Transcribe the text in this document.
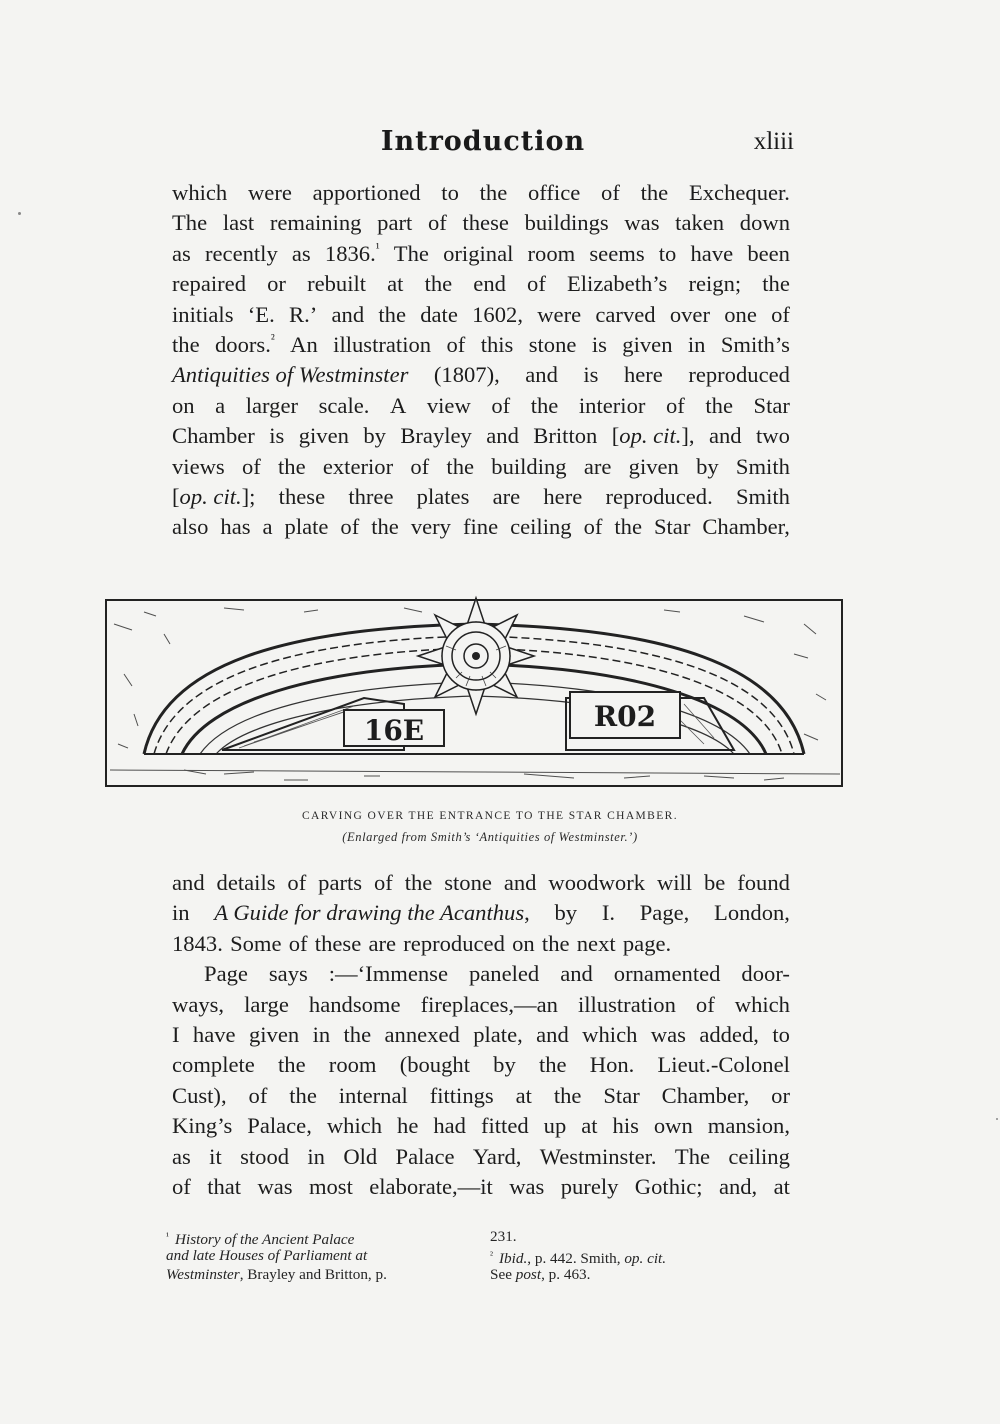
Introduction	xliii
which were apportioned to the office of the Exchequer.
The last remaining part of these buildings was taken down
as recently as 1836.$^{^1}$ The original room seems to have been
repaired or rebuilt at the end of Elizabeth’s reign; the
initials ‘E. R.’ and the date 1602, were carved over one of
the doors.$^{^2}$ An illustration of this stone is given in Smith’s
Antiquities of Westminster (1807), and is here reproduced
on a larger scale. A view of the interior of the Star
Chamber is given by Brayley and Britton [op. cit.], and two
views of the exterior of the building are given by Smith
[op. cit.]; these three plates are here reproduced. Smith
also has a plate of the very fine ceiling of the Star Chamber,
16E	R02
CARVING OVER THE ENTRANCE TO THE STAR CHAMBER.
(Enlarged from Smith’s ‘Antiquities of Westminster.’)
and details of parts of the stone and woodwork will be found
in A Guide for drawing the Acanthus, by I. Page, London,
1843. Some of these are reproduced on the next page.
Page says :—‘Immense paneled and ornamented door-
ways, large handsome fireplaces,—an illustration of which
I have given in the annexed plate, and which was added, to
complete the room (bought by the Hon. Lieut.-Colonel
Cust), of the internal fittings at the Star Chamber, or
King’s Palace, which he had fitted up at his own mansion,
as it stood in Old Palace Yard, Westminster. The ceiling
of that was most elaborate,—it was purely Gothic; and, at
$^{^1}$ History of the Ancient Palace
and late Houses of Parliament at
Westminster, Brayley and Britton, p.
231.
$^{^2}$ Ibid., p. 442. Smith, op. cit.
See post, p. 463.
